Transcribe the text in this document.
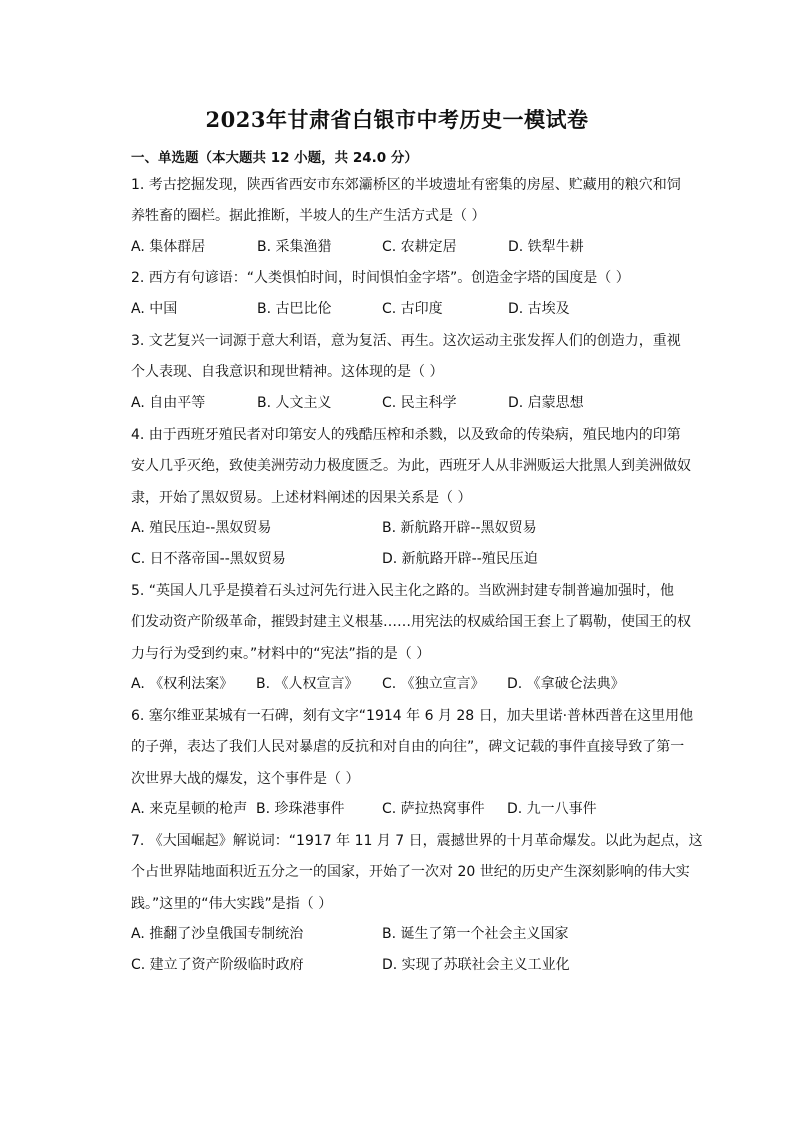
2023年甘肃省白银市中考历史一模试卷
一、单选题（本大题共 12 小题，共 24.0 分）
1. 考古挖掘发现，陕西省西安市东郊灞桥区的半坡遗址有密集的房屋、贮藏用的粮穴和饲
养牲畜的圈栏。据此推断，半坡人的生产生活方式是（ ）
A. 集体群居	B. 采集渔猎	C. 农耕定居	D. 铁犁牛耕
2. 西方有句谚语：“人类惧怕时间，时间惧怕金字塔”。创造金字塔的国度是（ ）
A. 中国	B. 古巴比伦	C. 古印度	D. 古埃及
3. 文艺复兴一词源于意大利语，意为复活、再生。这次运动主张发挥人们的创造力，重视
个人表现、自我意识和现世精神。这体现的是（ ）
A. 自由平等	B. 人文主义	C. 民主科学	D. 启蒙思想
4. 由于西班牙殖民者对印第安人的残酷压榨和杀戮，以及致命的传染病，殖民地内的印第
安人几乎灭绝，致使美洲劳动力极度匮乏。为此，西班牙人从非洲贩运大批黑人到美洲做奴
隶，开始了黑奴贸易。上述材料阐述的因果关系是（ ）
A. 殖民压迫--黑奴贸易	B. 新航路开辟--黑奴贸易
C. 日不落帝国--黑奴贸易	D. 新航路开辟--殖民压迫
5. “英国人几乎是摸着石头过河先行进入民主化之路的。当欧洲封建专制普遍加强时，他
们发动资产阶级革命，摧毁封建主义根基……用宪法的权威给国王套上了羁勒，使国王的权
力与行为受到约束。”材料中的“宪法”指的是（ ）
A. 《权利法案》 B. 《人权宣言》 C. 《独立宣言》 D. 《拿破仑法典》
6. 塞尔维亚某城有一石碑，刻有文字“1914 年 6 月 28 日，加夫里诺·普林西普在这里用他
的子弹，表达了我们人民对暴虐的反抗和对自由的向往”，碑文记载的事件直接导致了第一
次世界大战的爆发，这个事件是（ ）
A. 来克星顿的枪声 B. 珍珠港事件	C. 萨拉热窝事件 D. 九一八事件
7. 《大国崛起》解说词：“1917 年 11 月 7 日，震撼世界的十月革命爆发。以此为起点，这
个占世界陆地面积近五分之一的国家，开始了一次对 20 世纪的历史产生深刻影响的伟大实
践。”这里的“伟大实践”是指（ ）
A. 推翻了沙皇俄国专制统治	B. 诞生了第一个社会主义国家
C. 建立了资产阶级临时政府	D. 实现了苏联社会主义工业化
